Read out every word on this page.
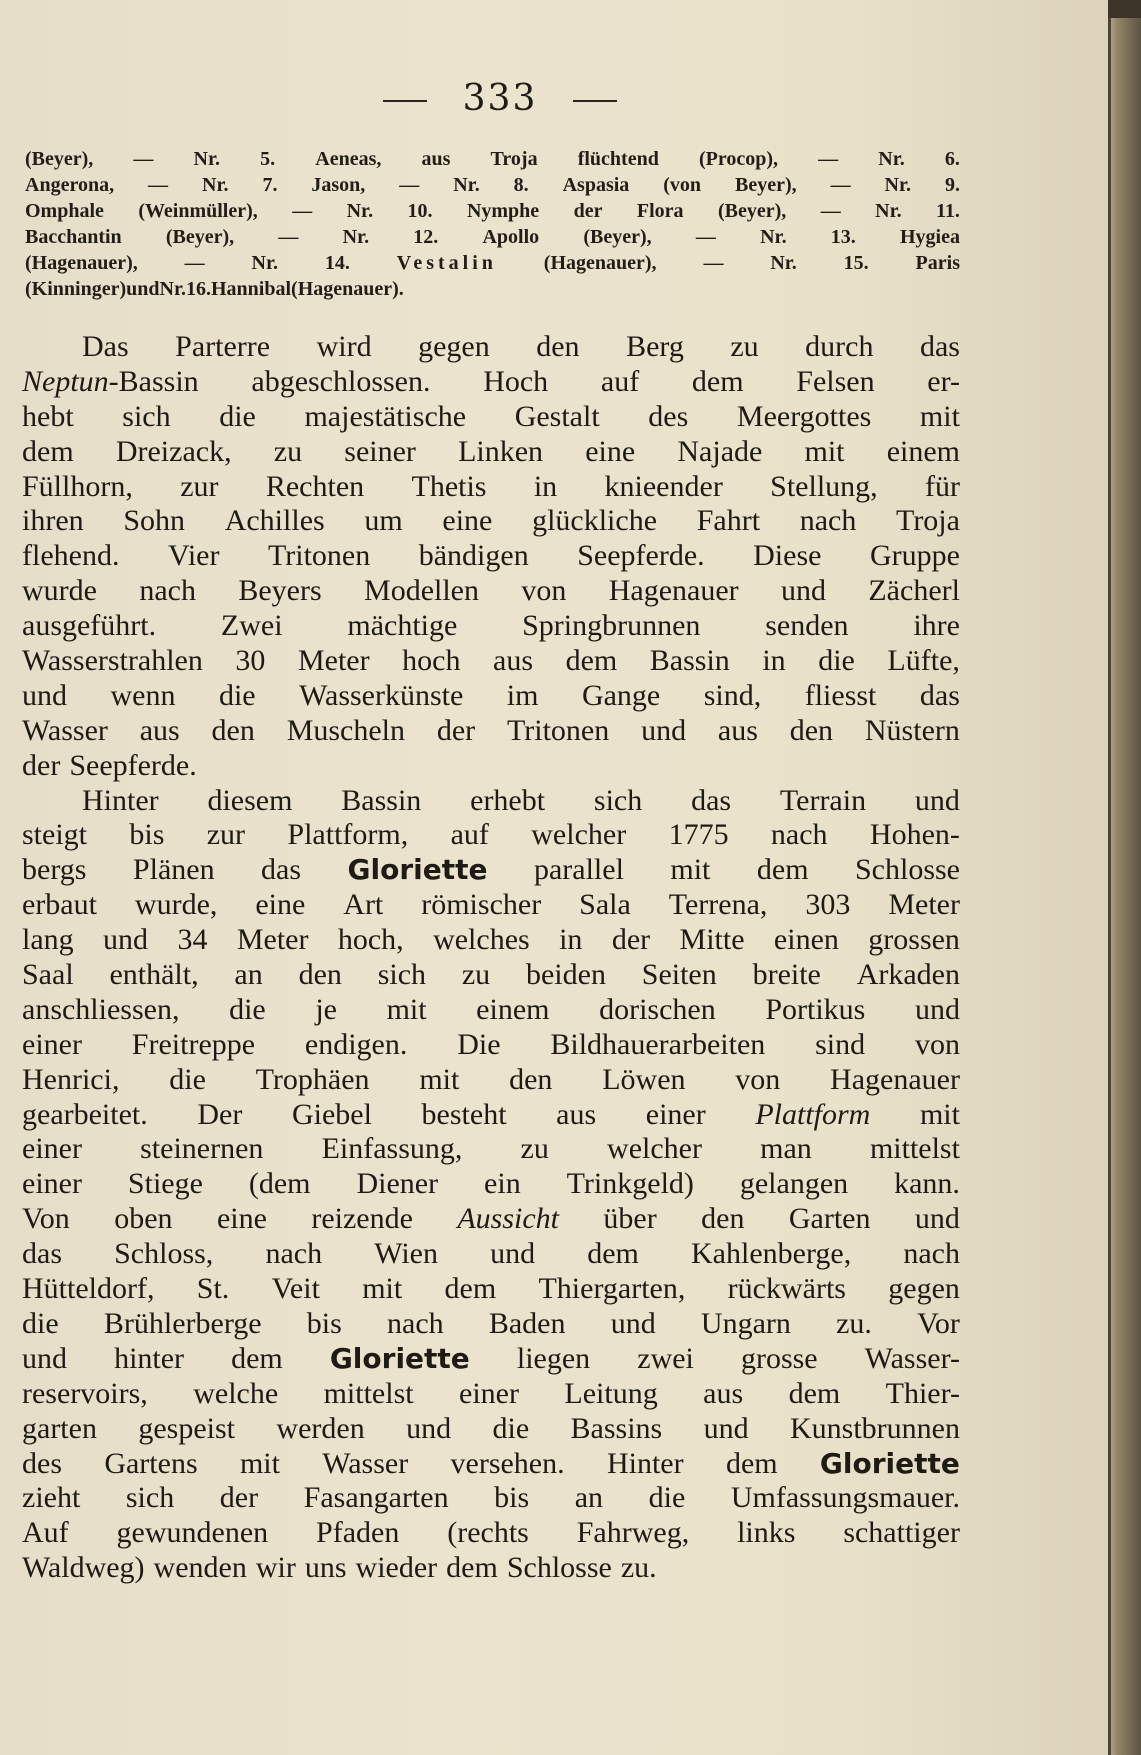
333
(Beyer), — Nr. 5. Aeneas, aus Troja flüchtend (Procop), — Nr. 6.
Angerona, — Nr. 7. Jason, — Nr. 8. Aspasia (von Beyer), — Nr. 9.
Omphale (Weinmüller), — Nr. 10. Nymphe der Flora (Beyer), — Nr. 11.
Bacchantin (Beyer), — Nr. 12. Apollo (Beyer), — Nr. 13. Hygiea
(Hagenauer), — Nr. 14. Vestalin (Hagenauer), — Nr. 15. Paris
(Kinninger) und Nr. 16. Hannibal (Hagenauer).
Das Parterre wird gegen den Berg zu durch das
Neptun-Bassin abgeschlossen. Hoch auf dem Felsen er-
hebt sich die majestätische Gestalt des Meergottes mit
dem Dreizack, zu seiner Linken eine Najade mit einem
Füllhorn, zur Rechten Thetis in knieender Stellung, für
ihren Sohn Achilles um eine glückliche Fahrt nach Troja
flehend. Vier Tritonen bändigen Seepferde. Diese Gruppe
wurde nach Beyers Modellen von Hagenauer und Zächerl
ausgeführt. Zwei mächtige Springbrunnen senden ihre
Wasserstrahlen 30 Meter hoch aus dem Bassin in die Lüfte,
und wenn die Wasserkünste im Gange sind, fliesst das
Wasser aus den Muscheln der Tritonen und aus den Nüstern
der Seepferde.
Hinter diesem Bassin erhebt sich das Terrain und
steigt bis zur Plattform, auf welcher 1775 nach Hohen-
bergs Plänen das Gloriette parallel mit dem Schlosse
erbaut wurde, eine Art römischer Sala Terrena, 303 Meter
lang und 34 Meter hoch, welches in der Mitte einen grossen
Saal enthält, an den sich zu beiden Seiten breite Arkaden
anschliessen, die je mit einem dorischen Portikus und
einer Freitreppe endigen. Die Bildhauerarbeiten sind von
Henrici, die Trophäen mit den Löwen von Hagenauer
gearbeitet. Der Giebel besteht aus einer Plattform mit
einer steinernen Einfassung, zu welcher man mittelst
einer Stiege (dem Diener ein Trinkgeld) gelangen kann.
Von oben eine reizende Aussicht über den Garten und
das Schloss, nach Wien und dem Kahlenberge, nach
Hütteldorf, St. Veit mit dem Thiergarten, rückwärts gegen
die Brühlerberge bis nach Baden und Ungarn zu. Vor
und hinter dem Gloriette liegen zwei grosse Wasser-
reservoirs, welche mittelst einer Leitung aus dem Thier-
garten gespeist werden und die Bassins und Kunstbrunnen
des Gartens mit Wasser versehen. Hinter dem Gloriette
zieht sich der Fasangarten bis an die Umfassungsmauer.
Auf gewundenen Pfaden (rechts Fahrweg, links schattiger
Waldweg) wenden wir uns wieder dem Schlosse zu.
